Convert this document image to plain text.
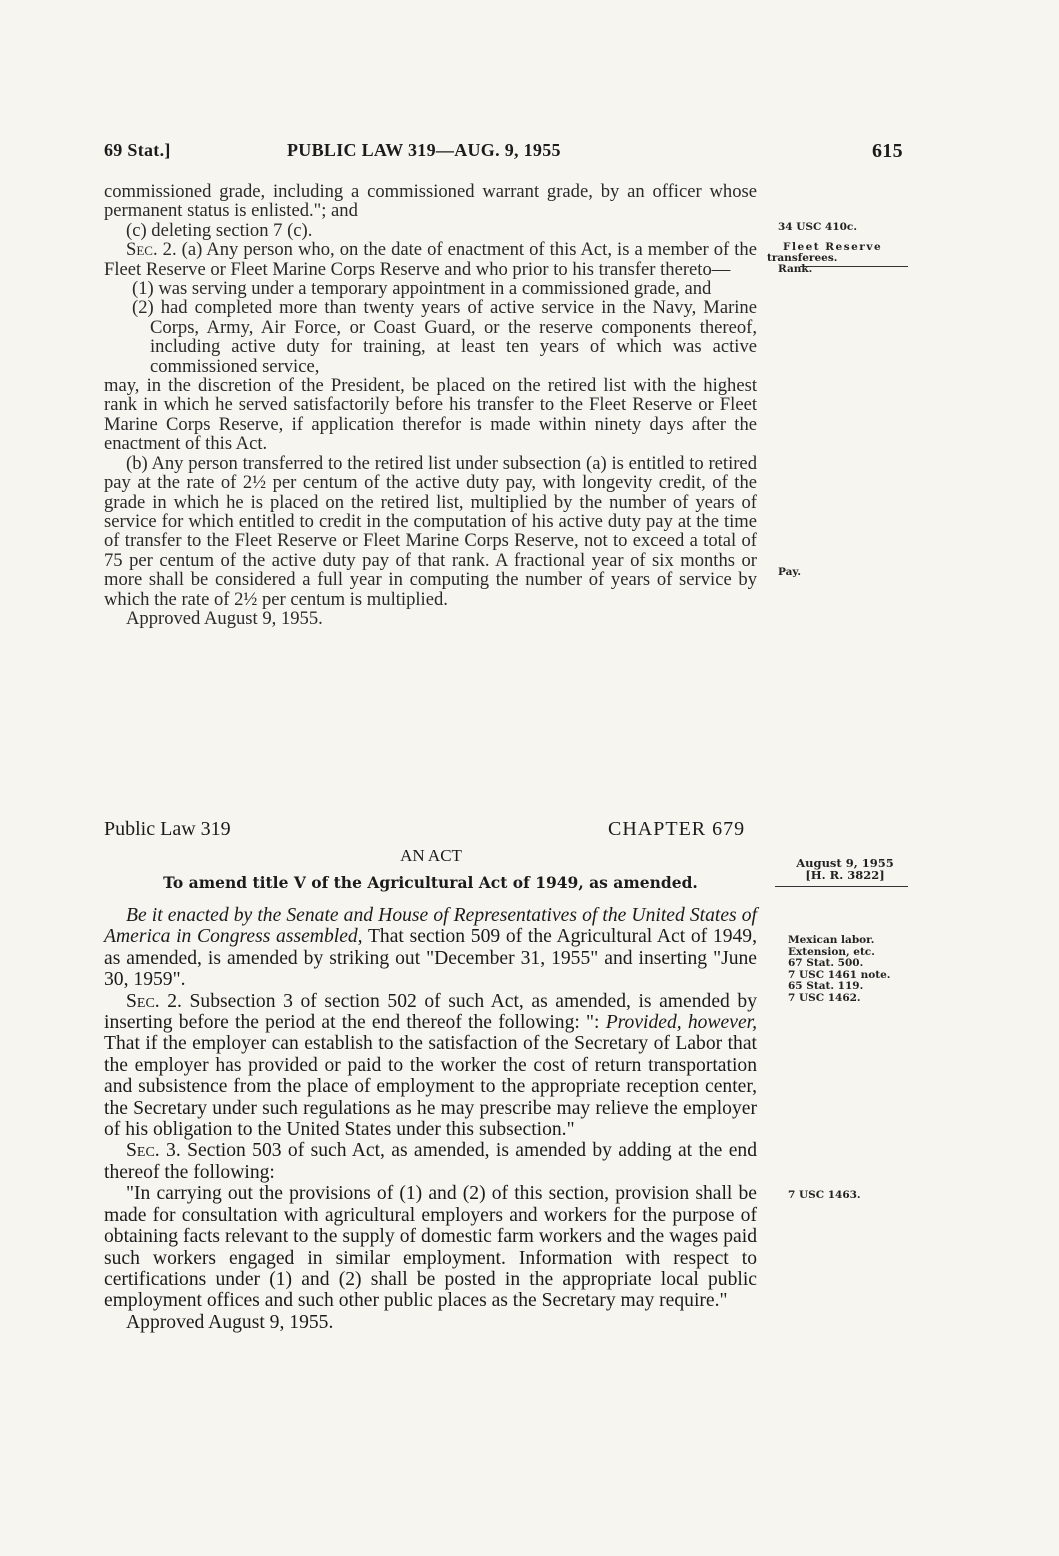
69 Stat.]	PUBLIC LAW 319—AUG. 9, 1955	615

commissioned grade, including a commissioned warrant grade, by an officer whose permanent status is enlisted."; and

(c) deleting section 7 (c).

Sec. 2. (a) Any person who, on the date of enactment of this Act, is a member of the Fleet Reserve or Fleet Marine Corps Reserve and who prior to his transfer thereto—

(1) was serving under a temporary appointment in a commissioned grade, and

(2) had completed more than twenty years of active service in the Navy, Marine Corps, Army, Air Force, or Coast Guard, or the reserve components thereof, including active duty for training, at least ten years of which was active commissioned service,

may, in the discretion of the President, be placed on the retired list with the highest rank in which he served satisfactorily before his transfer to the Fleet Reserve or Fleet Marine Corps Reserve, if application therefor is made within ninety days after the enactment of this Act.

(b) Any person transferred to the retired list under subsection (a) is entitled to retired pay at the rate of 2½ per centum of the active duty pay, with longevity credit, of the grade in which he is placed on the retired list, multiplied by the number of years of service for which entitled to credit in the computation of his active duty pay at the time of transfer to the Fleet Reserve or Fleet Marine Corps Reserve, not to exceed a total of 75 per centum of the active duty pay of that rank. A fractional year of six months or more shall be considered a full year in computing the number of years of service by which the rate of 2½ per centum is multiplied.

Approved August 9, 1955.

Public Law 319	CHAPTER 679
AN ACT
To amend title V of the Agricultural Act of 1949, as amended.

Be it enacted by the Senate and House of Representatives of the United States of America in Congress assembled, That section 509 of the Agricultural Act of 1949, as amended, is amended by striking out "December 31, 1955" and inserting "June 30, 1959".

Sec. 2. Subsection 3 of section 502 of such Act, as amended, is amended by inserting before the period at the end thereof the following: ": Provided, however, That if the employer can establish to the satisfaction of the Secretary of Labor that the employer has provided or paid to the worker the cost of return transportation and subsistence from the place of employment to the appropriate reception center, the Secretary under such regulations as he may prescribe may relieve the employer of his obligation to the United States under this subsection."

Sec. 3. Section 503 of such Act, as amended, is amended by adding at the end thereof the following:

"In carrying out the provisions of (1) and (2) of this section, provision shall be made for consultation with agricultural employers and workers for the purpose of obtaining facts relevant to the supply of domestic farm workers and the wages paid such workers engaged in similar employment. Information with respect to certifications under (1) and (2) shall be posted in the appropriate local public employment offices and such other public places as the Secretary may require."

Approved August 9, 1955.

34 USC 410c.
Fleet Reserve
transferees.
Rank.
Pay.
August 9, 1955
[H. R. 3822]
Mexican labor.
Extension, etc.
67 Stat. 500.
7 USC 1461 note.
65 Stat. 119.
7 USC 1462.
7 USC 1463.
